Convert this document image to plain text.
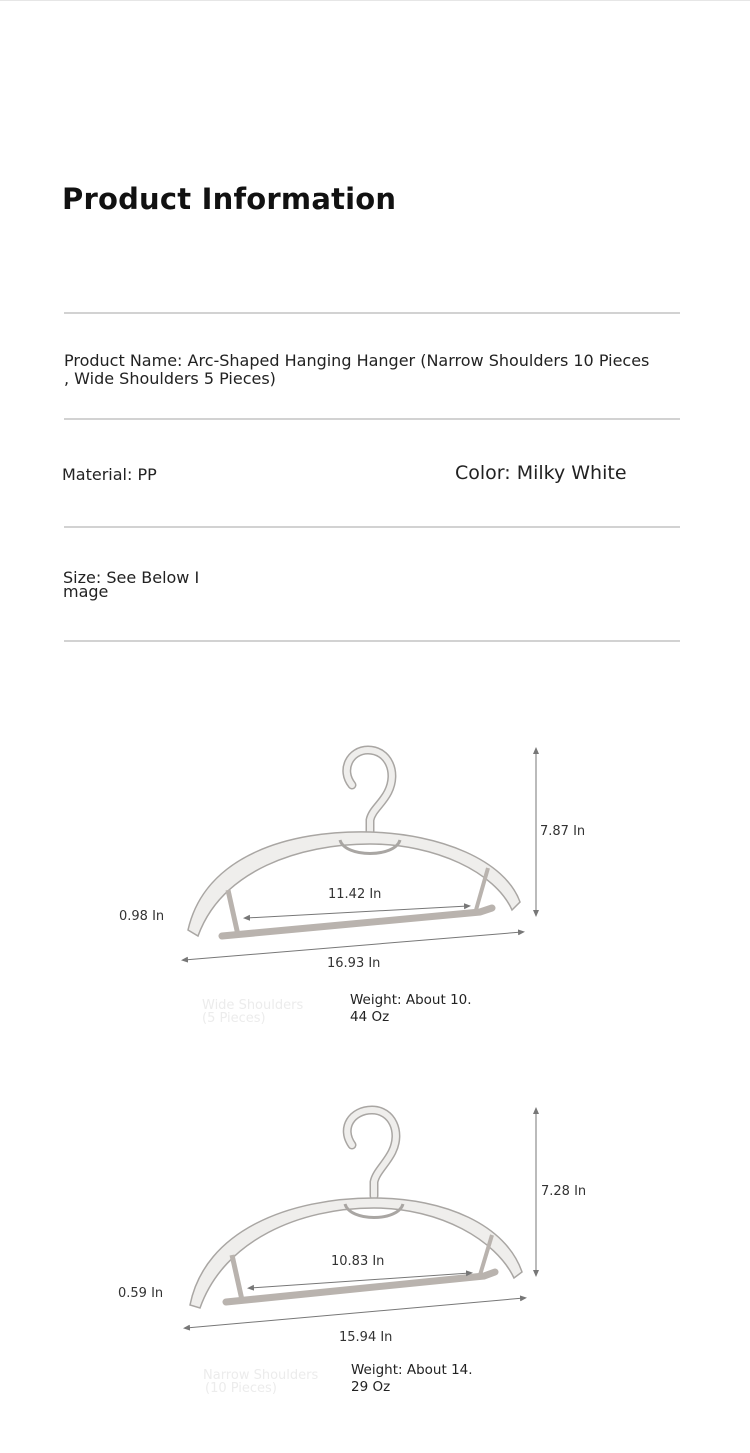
Product Information
Product Name: Arc-Shaped Hanging Hanger (Narrow Shoulders 10 Pieces
, Wide Shoulders 5 Pieces)
Material: PP	Color: Milky White
Size: See Below I
mage
7.87 In
11.42 In
0.98 In
16.93 In
Wide Shoulders
(5 Pieces)
Weight: About 10.
44 Oz
7.28 In
10.83 In
0.59 In
15.94 In
Narrow Shoulders
(10 Pieces)
Weight: About 14.
29 Oz
